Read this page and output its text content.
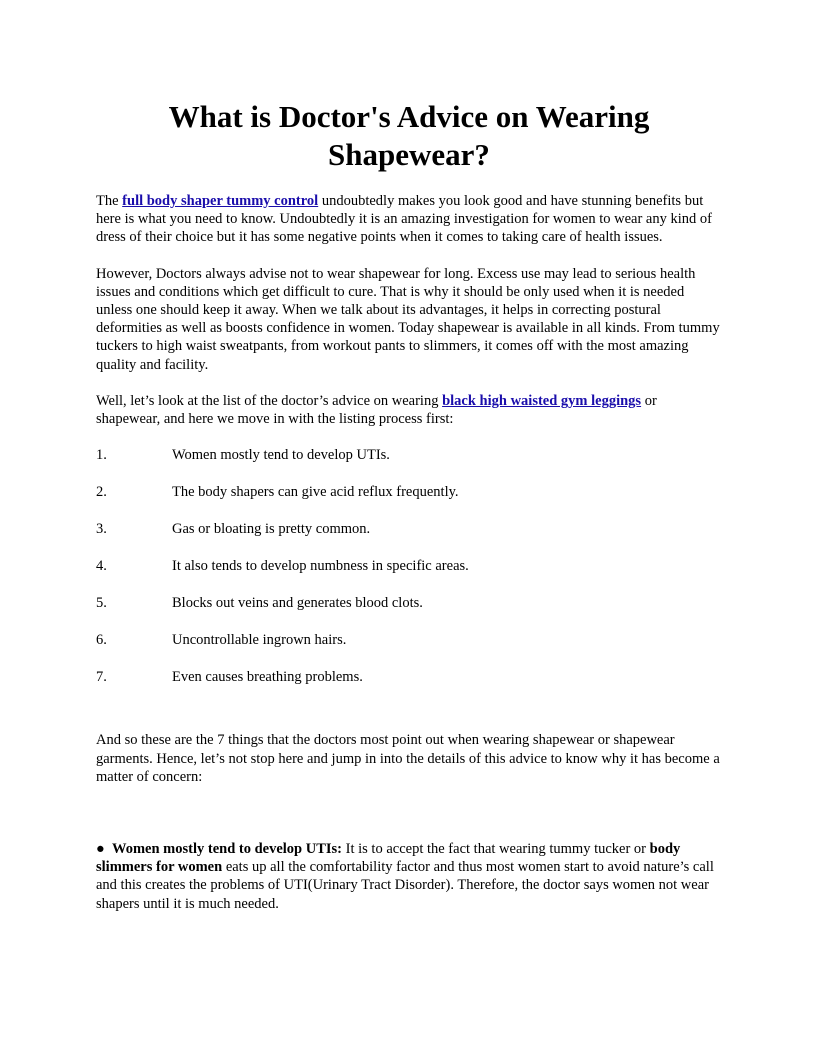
What is Doctor's Advice on Wearing Shapewear?

The full body shaper tummy control undoubtedly makes you look good and have stunning benefits but here is what you need to know. Undoubtedly it is an amazing investigation for women to wear any kind of dress of their choice but it has some negative points when it comes to taking care of health issues.

However, Doctors always advise not to wear shapewear for long. Excess use may lead to serious health issues and conditions which get difficult to cure. That is why it should be only used when it is needed unless one should keep it away. When we talk about its advantages, it helps in correcting postural deformities as well as boosts confidence in women. Today shapewear is available in all kinds. From tummy tuckers to high waist sweatpants, from workout pants to slimmers, it comes off with the most amazing quality and facility.

Well, let’s look at the list of the doctor’s advice on wearing black high waisted gym leggings or shapewear, and here we move in with the listing process first:

1.	Women mostly tend to develop UTIs.
2.	The body shapers can give acid reflux frequently.
3.	Gas or bloating is pretty common.
4.	It also tends to develop numbness in specific areas.
5.	Blocks out veins and generates blood clots.
6.	Uncontrollable ingrown hairs.
7.	Even causes breathing problems.

And so these are the 7 things that the doctors most point out when wearing shapewear or shapewear garments. Hence, let’s not stop here and jump in into the details of this advice to know why it has become a matter of concern:

● Women mostly tend to develop UTIs: It is to accept the fact that wearing tummy tucker or body slimmers for women eats up all the comfortability factor and thus most women start to avoid nature’s call and this creates the problems of UTI(Urinary Tract Disorder). Therefore, the doctor says women not wear shapers until it is much needed.
